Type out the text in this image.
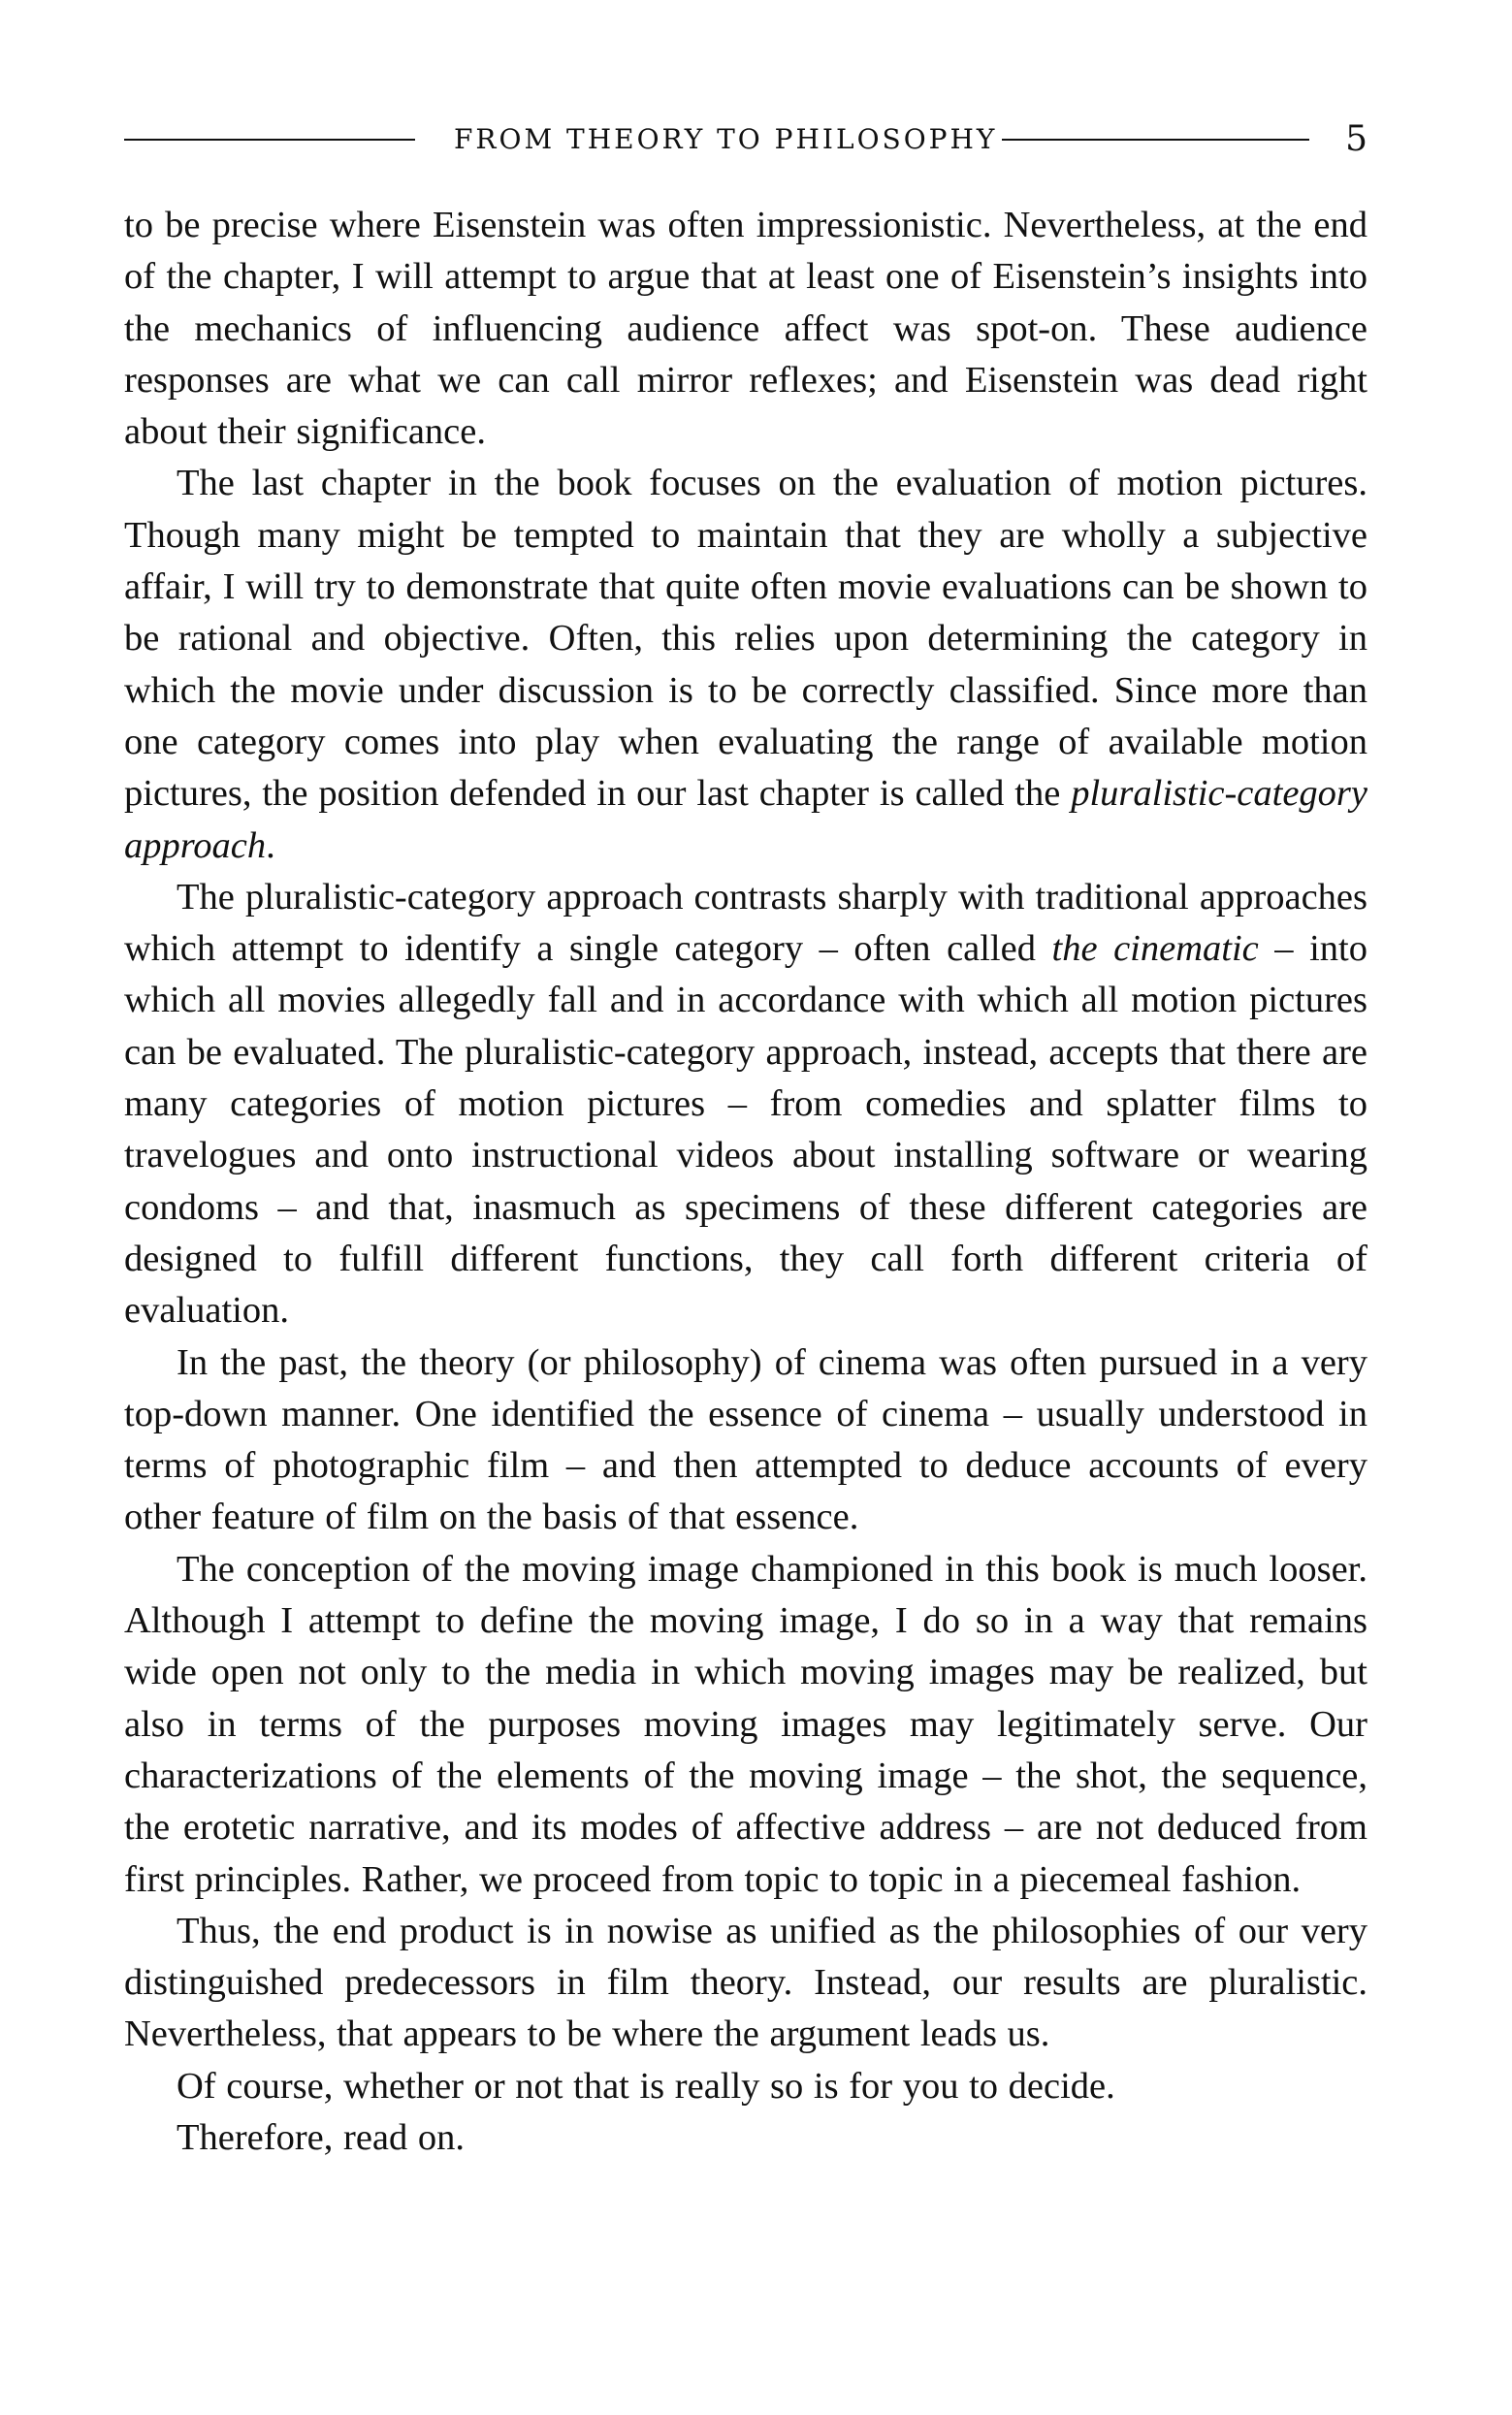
FROM THEORY TO PHILOSOPHY	5

to be precise where Eisenstein was often impressionistic. Nevertheless, at the end of the chapter, I will attempt to argue that at least one of Eisenstein’s insights into the mechanics of influencing audience affect was spot-on. These audience responses are what we can call mirror reflexes; and Eisenstein was dead right about their significance.

The last chapter in the book focuses on the evaluation of motion pictures. Though many might be tempted to maintain that they are wholly a subjective affair, I will try to demonstrate that quite often movie evaluations can be shown to be rational and objective. Often, this relies upon determining the category in which the movie under discussion is to be correctly classified. Since more than one category comes into play when evaluating the range of available motion pictures, the position defended in our last chapter is called the pluralistic-category approach.

The pluralistic-category approach contrasts sharply with traditional approaches which attempt to identify a single category – often called the cinematic – into which all movies allegedly fall and in accordance with which all motion pictures can be evaluated. The pluralistic-category approach, instead, accepts that there are many categories of motion pictures – from comedies and splatter films to travelogues and onto instructional videos about installing software or wearing condoms – and that, inasmuch as specimens of these different categories are designed to fulfill different functions, they call forth different criteria of evaluation.

In the past, the theory (or philosophy) of cinema was often pursued in a very top-down manner. One identified the essence of cinema – usually understood in terms of photographic film – and then attempted to deduce accounts of every other feature of film on the basis of that essence.

The conception of the moving image championed in this book is much looser. Although I attempt to define the moving image, I do so in a way that remains wide open not only to the media in which moving images may be realized, but also in terms of the purposes moving images may legitimately serve. Our characterizations of the elements of the moving image – the shot, the sequence, the erotetic narrative, and its modes of affective address – are not deduced from first principles. Rather, we proceed from topic to topic in a piecemeal fashion.

Thus, the end product is in nowise as unified as the philosophies of our very distinguished predecessors in film theory. Instead, our results are pluralistic. Nevertheless, that appears to be where the argument leads us.

Of course, whether or not that is really so is for you to decide.

Therefore, read on.
